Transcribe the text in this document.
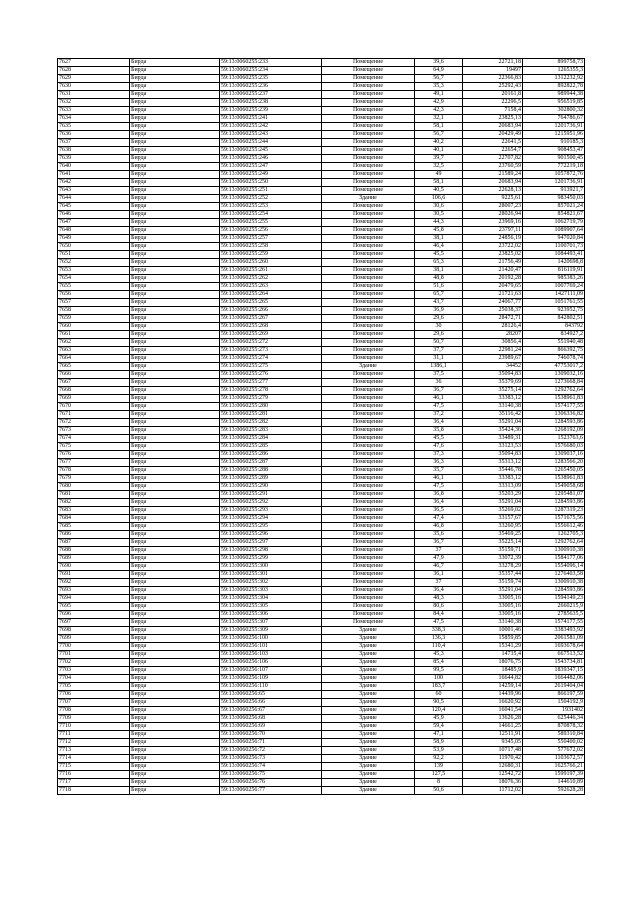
7627	Бирда	59:13:0060255:233	Помещение	39,6	22721,18	899758,73
7628	Бирда	59:13:0060255:234	Помещение	64,9	19497	1265355,3
7629	Бирда	59:13:0060255:235	Помещение	56,7	22366,83	1312232,92
7630	Бирда	59:13:0060255:236	Помещение	35,3	25292,43	892822,78
7631	Бирда	59:13:0060255:237	Помещение	49,1	20161,8	989944,38
7632	Бирда	59:13:0060255:238	Помещение	42,9	22296,5	956519,85
7633	Бирда	59:13:0060255:239	Помещение	42,3	7158,4	302800,32
7634	Бирда	59:13:0060255:241	Помещение	32,1	23825,13	764786,67
7635	Бирда	59:13:0060255:242	Помещение	58,1	20683,94	1201736,91
7636	Бирда	59:13:0060255:243	Помещение	56,7	20429,49	1215951,96
7637	Бирда	59:13:0060255:244	Помещение	40,2	22641,5	910185,3
7638	Бирда	59:13:0060255:245	Помещение	40,1	22654,7	908453,47
7639	Бирда	59:13:0060255:246	Помещение	39,7	22707,82	901500,45
7640	Бирда	59:13:0060255:247	Помещение	32,5	23760,59	772219,18
7641	Бирда	59:13:0060255:249	Помещение	49	21589,24	1057872,76
7642	Бирда	59:13:0060255:250	Помещение	58,1	20683,94	1201736,91
7643	Бирда	59:13:0060255:251	Помещение	40,5	22628,13	913921,7
7644	Бирда	59:13:0060255:252	Здание	106,6	9225,61	983450,03
7645	Бирда	59:13:0060255:253	Помещение	30,6	28007,23	857021,24
7646	Бирда	59:13:0060255:254	Помещение	30,5	28026,94	854821,67
7647	Бирда	59:13:0060255:255	Помещение	44,3	23969,16	1062719,79
7648	Бирда	59:13:0060255:256	Помещение	45,8	23797,11	1089907,64
7649	Бирда	59:13:0060255:257	Помещение	38,1	24856,19	947020,84
7650	Бирда	59:13:0060255:258	Помещение	46,4	23722,02	1100701,73
7651	Бирда	59:13:0060255:259	Помещение	45,5	23825,02	1084493,41
7652	Бирда	59:13:0060255:260	Помещение	65,3	21756,49	1420698,8
7653	Бирда	59:13:0060255:261	Помещение	38,1	21420,47	816119,91
7654	Бирда	59:13:0060255:262	Помещение	48,8	20192,28	985383,26
7655	Бирда	59:13:0060255:263	Помещение	51,6	20479,65	1007769,24
7656	Бирда	59:13:0060255:264	Помещение	65,7	21721,63	1427111,09
7657	Бирда	59:13:0060255:265	Помещение	43,7	24067,77	1051761,55
7658	Бирда	59:13:0060255:266	Помещение	36,9	25038,37	923952,75
7659	Бирда	59:13:0060255:267	Помещение	29,6	28472,71	842802,51
7660	Бирда	59:13:0060255:268	Помещение	30	28126,4	843792
7661	Бирда	59:13:0060255:269	Помещение	29,6	28207	834927,2
7662	Бирда	59:13:0060255:272	Помещение	50,7	30856,4	551940,48
7663	Бирда	59:13:0060255:273	Помещение	37,7	22981,24	866392,75
7664	Бирда	59:13:0060255:274	Помещение	31,1	23989,67	746078,74
7665	Бирда	59:13:0060255:275	Здание	1386,1	34452	47753017,2
7666	Бирда	59:13:0060255:276	Помещение	37,5	35094,83	1309032,16
7667	Бирда	59:13:0060255:277	Помещение	36	35379,69	1273668,84
7668	Бирда	59:13:0060255:278	Помещение	36,7	35275,14	1292762,64
7669	Бирда	59:13:0060255:279	Помещение	46,1	33383,12	1538961,83
7670	Бирда	59:13:0060255:280	Помещение	47,5	33140,38	1574177,55
7671	Бирда	59:13:0060255:281	Помещение	37,2	35116,42	1306336,82
7672	Бирда	59:13:0060255:282	Помещение	36,4	35291,04	1284593,86
7673	Бирда	59:13:0060255:283	Помещение	35,8	35424,36	1268192,09
7674	Бирда	59:13:0060255:284	Помещение	45,5	33489,31	1523763,6
7675	Бирда	59:13:0060255:285	Помещение	47,6	33123,53	1576680,03
7676	Бирда	59:13:0060255:286	Помещение	37,3	35094,83	1309037,16
7677	Бирда	59:13:0060255:287	Помещение	36,3	35313,12	1283566,20
7678	Бирда	59:13:0060255:288	Помещение	35,7	35446,78	1265450,05
7679	Бирда	59:13:0060255:289	Помещение	46,1	33383,12	1538961,83
7680	Бирда	59:13:0060255:290	Помещение	47,5	33313,09	1549058,68
7681	Бирда	59:13:0060255:291	Помещение	36,8	35203,29	1295481,07
7682	Бирда	59:13:0060255:292	Помещение	36,4	35291,04	1284593,86
7683	Бирда	59:13:0060255:293	Помещение	36,5	35269,02	1287319,23
7684	Бирда	59:13:0060255:294	Помещение	47,4	33157,67	1571675,56
7685	Бирда	59:13:0060255:295	Помещение	46,8	33260,95	1556612,46
7686	Бирда	59:13:0060255:296	Помещение	35,6	35469,25	1262705,3
7687	Бирда	59:13:0060255:297	Помещение	36,7	35225,14	1292762,64
7688	Бирда	59:13:0060255:298	Помещение	37	35159,71	1300910,38
7689	Бирда	59:13:0060255:299	Помещение	47,9	33072,39	1584177,06
7690	Бирда	59:13:0060255:300	Помещение	46,7	33278,29	1554096,14
7691	Бирда	59:13:0060255:301	Помещение	36,1	35357,44	1276403,58
7692	Бирда	59:13:0060255:302	Помещение	37	35159,74	1300910,38
7693	Бирда	59:13:0060255:303	Помещение	36,4	35291,04	1284593,86
7694	Бирда	59:13:0060255:304	Помещение	48,3	33005,16	1594149,23
7695	Бирда	59:13:0060255:305	Помещение	80,6	33005,16	2660215,9
7696	Бирда	59:13:0060255:306	Помещение	84,4	33005,16	2785635,5
7697	Бирда	59:13:0060255:307	Помещение	47,5	33140,38	1574177,55
7698	Бирда	59:13:0060255:309	Здание	338,3	10001,46	3383493,92
7699	Бирда	59:13:0060256:100	Здание	136,3	15859,85	2061581,09
7700	Бирда	59:13:0060256:101	Здание	110,4	15341,29	1693678,64
7701	Бирда	59:13:0060256:103	Здание	45,3	14735,4	667513,52
7702	Бирда	59:13:0060256:106	Здание	85,4	18076,75	1543734,81
7703	Бирда	59:13:0060256:107	Здание	99,5	18485,9	1839347,15
7704	Бирда	59:13:0060256:109	Здание	100	16644,82	1664482,06
7705	Бирда	59:13:0060256:110	Здание	183,7	14259,14	2619404,04
7706	Бирда	59:13:0060256:65	Здание	60	14439,96	866197,59
7707	Бирда	59:13:0060256:66	Здание	90,5	16620,92	1504192,9
7708	Бирда	59:13:0060256:67	Здание	120,4	16041,54	1931402
7709	Бирда	59:13:0060256:68	Здание	45,9	13626,28	625446,34
7710	Бирда	59:13:0060256:69	Здание	59,4	14661,25	870878,32
7711	Бирда	59:13:0060256:70	Здание	47,1	12511,91	589310,84
7712	Бирда	59:13:0060256:71	Здание	58,9	9345,05	550400,02
7713	Бирда	59:13:0060256:72	Здание	53,9	10717,48	577672,02
7714	Бирда	59:13:0060256:73	Здание	92,2	11970,42	1103672,57
7715	Бирда	59:13:0060256:74	Здание	139	12680,31	1625766,21
7716	Бирда	59:13:0060256:75	Здание	127,5	12542,72	1599197,39
7717	Бирда	59:13:0060256:76	Здание	8	18076,36	144610,89
7718	Бирда	59:13:0060256:77	Здание	50,6	11712,02	592628,28
